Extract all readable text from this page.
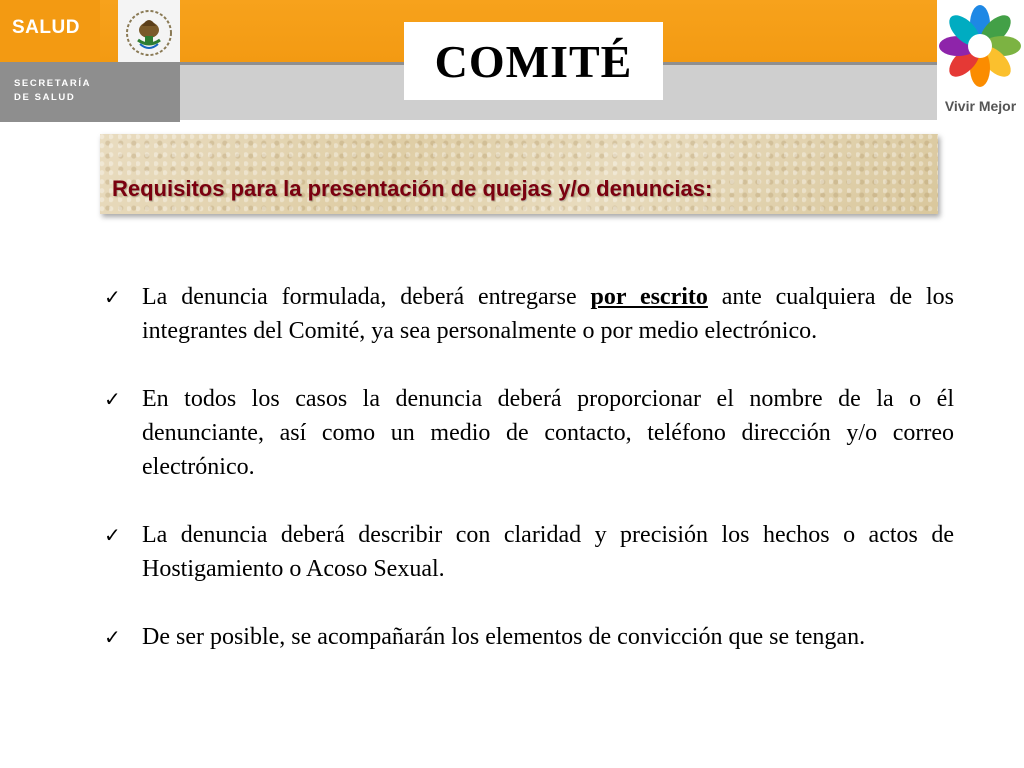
SALUD
SECRETARÍA
DE SALUD
COMITÉ
Vivir Mejor
Requisitos para la presentación de quejas y/o denuncias:
✓ La denuncia formulada, deberá entregarse por escrito ante cualquiera de los integrantes del Comité, ya sea personalmente o por medio electrónico.
✓ En todos los casos la denuncia deberá proporcionar el nombre de la o él denunciante, así como un medio de contacto, teléfono dirección y/o correo electrónico.
✓ La denuncia deberá describir con claridad y precisión los hechos o actos de Hostigamiento o Acoso Sexual.
✓ De ser posible, se acompañarán los elementos de convicción que se tengan.
